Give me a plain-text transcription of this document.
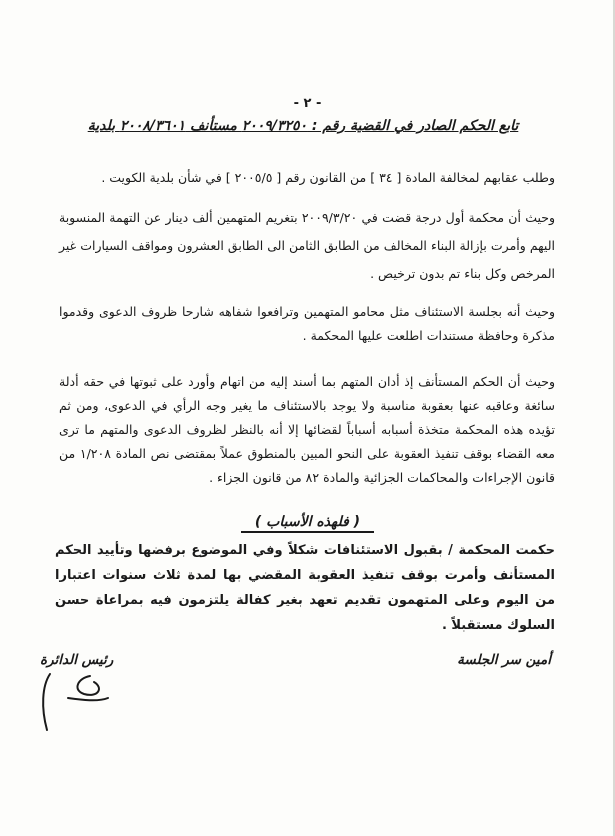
- ٢ -
تابع الحكم الصادر في القضية رقم : ٢٠٠٩/٣٢٥٠ مستأنف ٢٠٠٨/٣٦٠١ بلدية
وطلب عقابهم لمخالفة المادة [ ٣٤ ] من القانون رقم [ ٢٠٠٥/٥ ] في شأن بلدية الكويت .
وحيث أن محكمة أول درجة قضت في ٢٠٠٩/٣/٢٠ بتغريم المتهمين ألف دينار عن التهمة المنسوبة اليهم وأمرت بإزالة البناء المخالف من الطابق الثامن الى الطابق العشرون ومواقف السيارات غير المرخص وكل بناء تم بدون ترخيص .
وحيث أنه بجلسة الاستئناف مثل محامو المتهمين وترافعوا شفاهه شارحا ظروف الدعوى وقدموا مذكرة وحافظة مستندات اطلعت عليها المحكمة .
وحيث أن الحكم المستأنف إذ أدان المتهم بما أسند إليه من اتهام وأورد على ثبوتها في حقه أدلة سائغة وعاقبه عنها بعقوبة مناسبة ولا يوجد بالاستئناف ما يغير وجه الرأي في الدعوى، ومن ثم تؤيده هذه المحكمة متخذة أسبابه أسباباً لقضائها إلا أنه بالنظر لظروف الدعوى والمتهم ما ترى معه القضاء بوقف تنفيذ العقوبة على النحو المبين بالمنطوق عملاً بمقتضى نص المادة ١/٢٠٨ من قانون الإجراءات والمحاكمات الجزائية والمادة ٨٢ من قانون الجزاء .
( فلهذه الأسباب )
حكمت المحكمة / بقبول الاستئنافات شكلاً وفي الموضوع برفضها وتأييد الحكم المستأنف وأمرت بوقف تنفيذ العقوبة المقضي بها لمدة ثلاث سنوات اعتبارا من اليوم وعلى المتهمون تقديم تعهد بغير كفالة يلتزمون فيه بمراعاة حسن السلوك مستقبلاً .
أمين سر الجلسة
رئيس الدائرة
